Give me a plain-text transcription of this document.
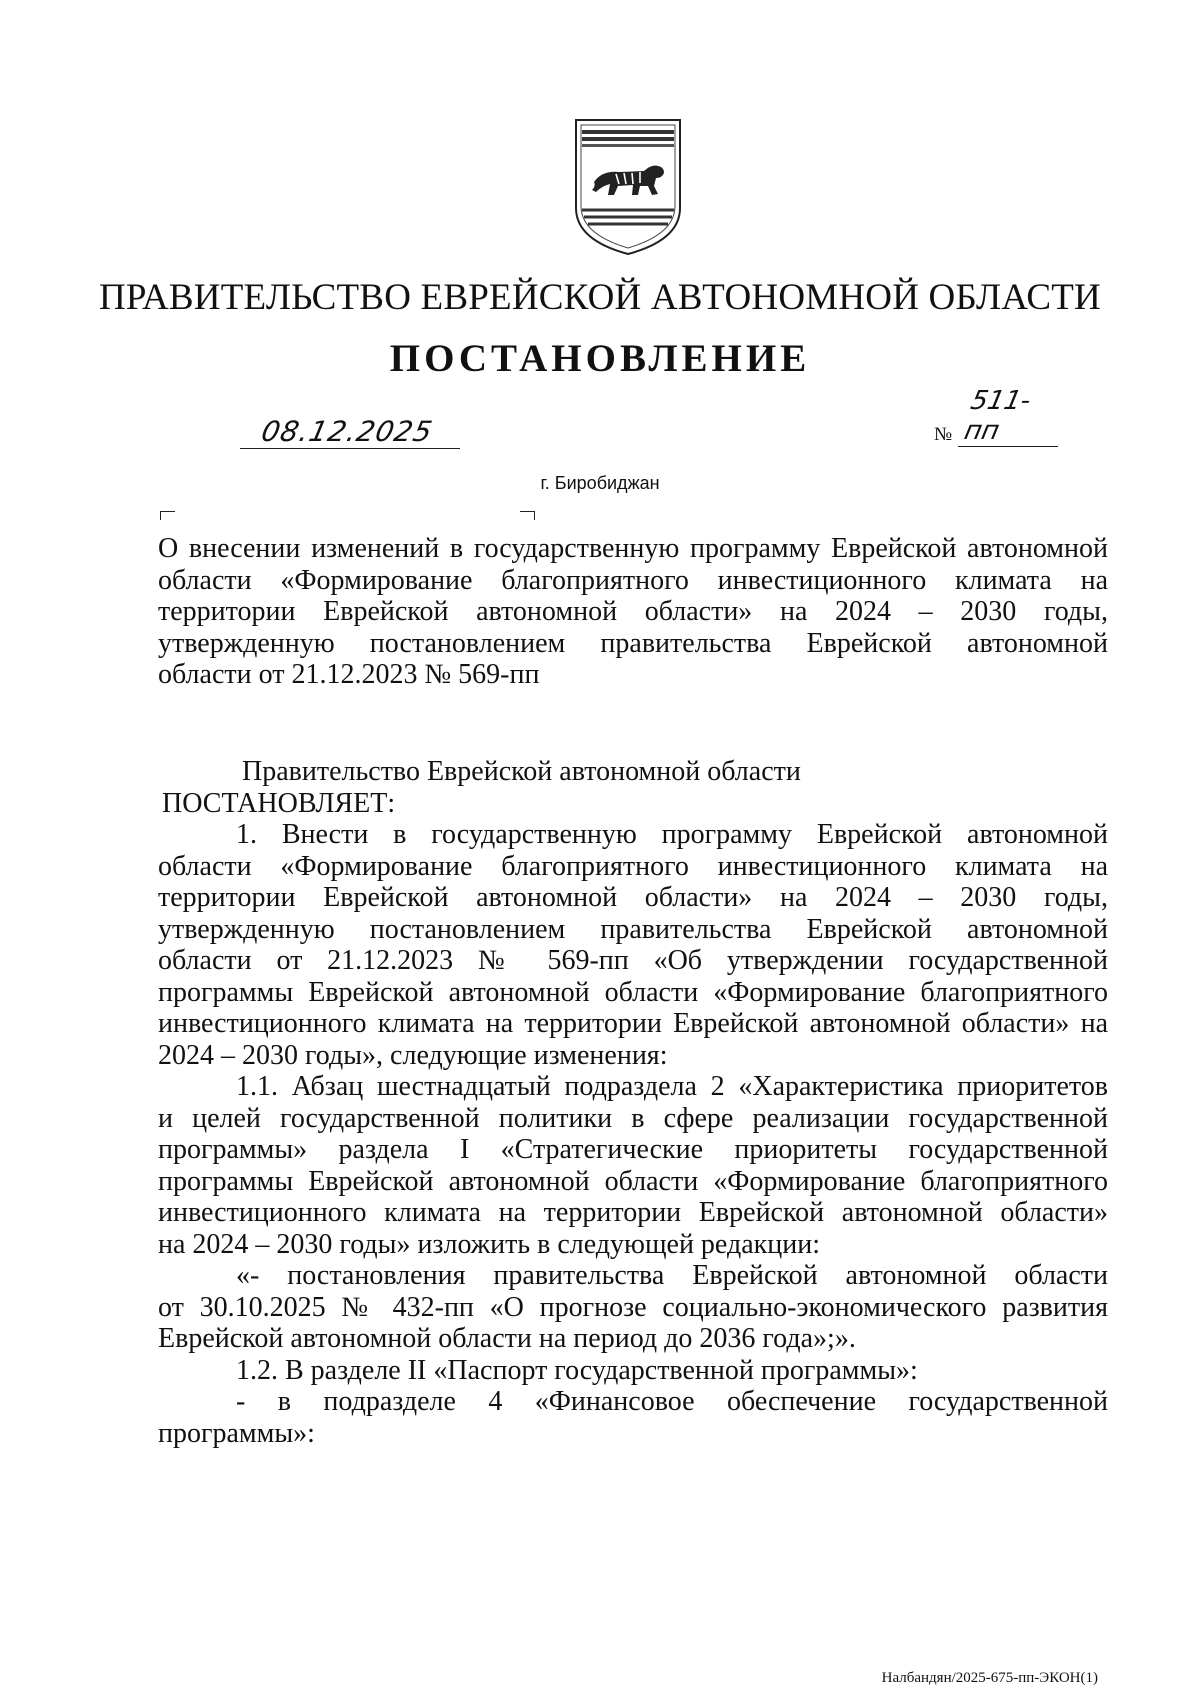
ПРАВИТЕЛЬСТВО ЕВРЕЙСКОЙ АВТОНОМНОЙ ОБЛАСТИ
ПОСТАНОВЛЕНИЕ
08.12.2025	№
511-пп
г. Биробиджан
О внесении изменений в государственную программу Еврейской автономной
области «Формирование благоприятного инвестиционного климата на
территории Еврейской автономной области» на 2024 – 2030 годы,
утвержденную постановлением правительства Еврейской автономной
области от 21.12.2023 № 569-пп
Правительство Еврейской автономной области
ПОСТАНОВЛЯЕТ:
1. Внести в государственную программу Еврейской автономной
области «Формирование благоприятного инвестиционного климата на
территории Еврейской автономной области» на 2024 – 2030 годы,
утвержденную постановлением правительства Еврейской автономной
области от 21.12.2023 № 569-пп «Об утверждении государственной
программы Еврейской автономной области «Формирование благоприятного
инвестиционного климата на территории Еврейской автономной области» на
2024 – 2030 годы», следующие изменения:
1.1. Абзац шестнадцатый подраздела 2 «Характеристика приоритетов
и целей государственной политики в сфере реализации государственной
программы» раздела I «Стратегические приоритеты государственной
программы Еврейской автономной области «Формирование благоприятного
инвестиционного климата на территории Еврейской автономной области»
на 2024 – 2030 годы» изложить в следующей редакции:
«- постановления правительства Еврейской автономной области
от 30.10.2025 № 432-пп «О прогнозе социально-экономического развития
Еврейской автономной области на период до 2036 года»;».
1.2. В разделе II «Паспорт государственной программы»:
- в подразделе 4 «Финансовое обеспечение государственной
программы»:
Налбандян/2025-675-пп-ЭКОН(1)
